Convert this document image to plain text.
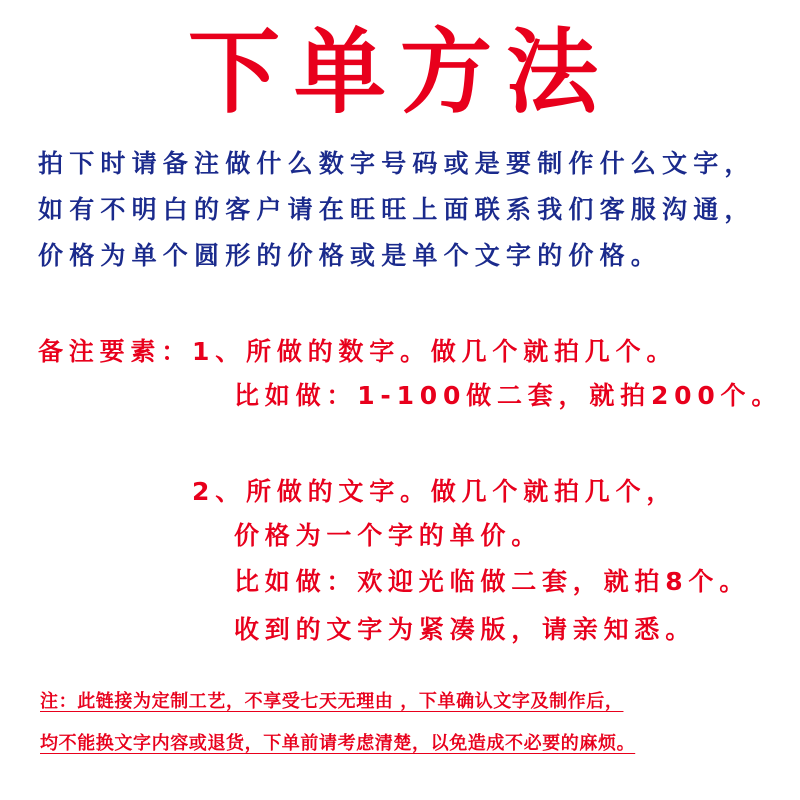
下单方法
拍下时请备注做什么数字号码或是要制作什么文字，
如有不明白的客户请在旺旺上面联系我们客服沟通，
价格为单个圆形的价格或是单个文字的价格。
备注要素：1、所做的数字。做几个就拍几个。
比如做：1-100做二套，就拍200个。
2、所做的文字。做几个就拍几个，
价格为一个字的单价。
比如做：欢迎光临做二套，就拍8个。
收到的文字为紧凑版，请亲知悉。
注：此链接为定制工艺，不享受七天无理由 ，下单确认文字及制作后，
均不能换文字内容或退货，下单前请考虑清楚，以免造成不必要的麻烦。
